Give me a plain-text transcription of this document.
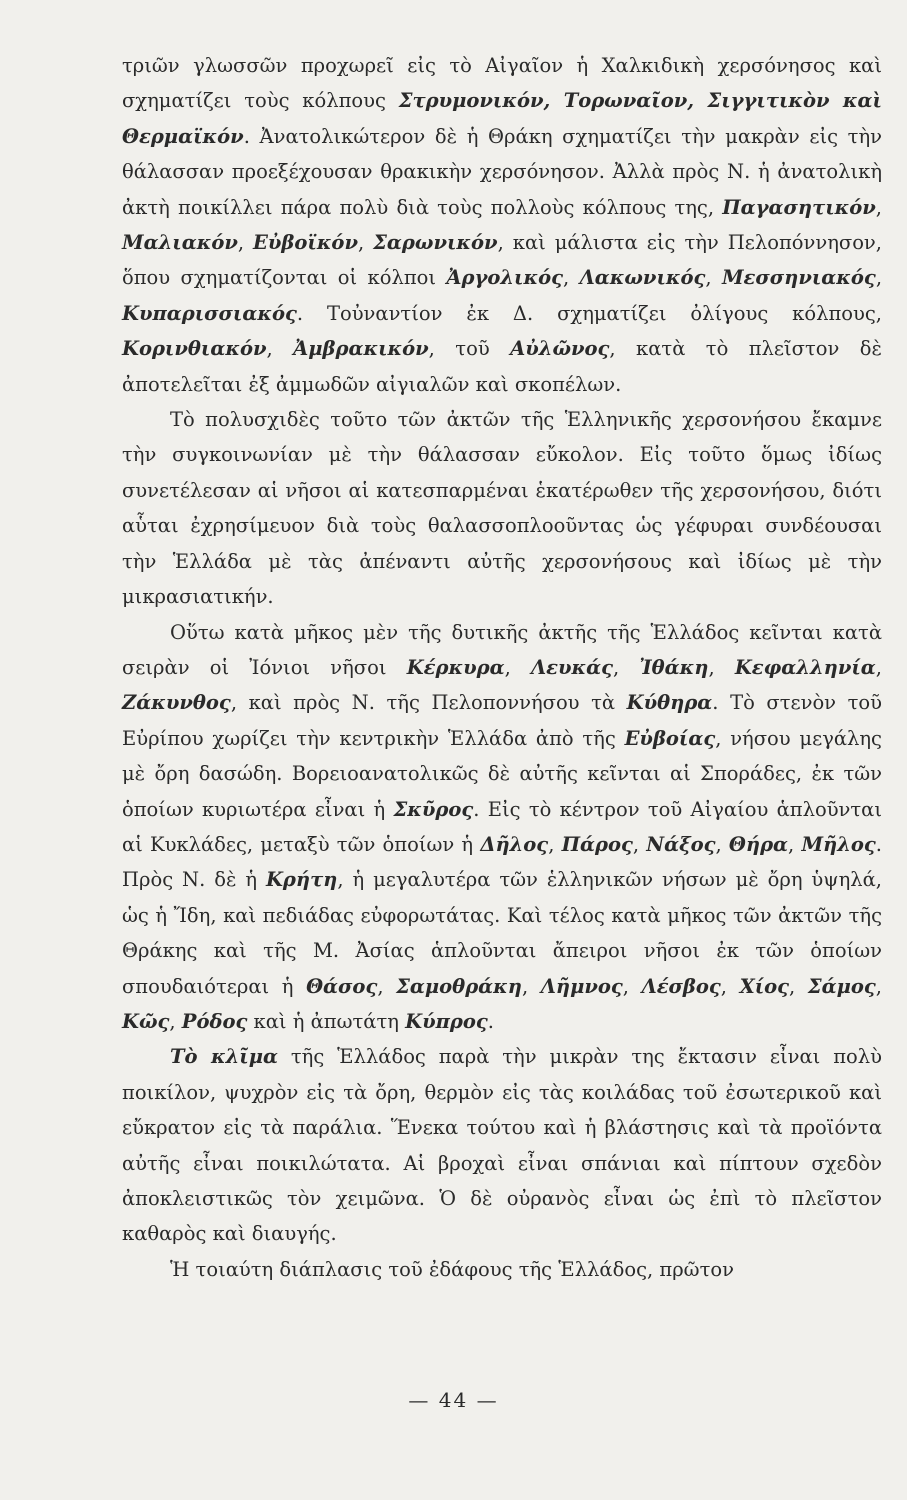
τριῶν γλωσσῶν προχωρεῖ εἰς τὸ Αἰγαῖον ἡ Χαλκιδικὴ χερσόνησος καὶ σχηματίζει τοὺς κόλπους Στρυμονικόν, Τορωναῖον, Σιγγιτικὸν καὶ Θερμαϊκόν. Ἀνατολικώτερον δὲ ἡ Θράκη σχηματίζει τὴν μακρὰν εἰς τὴν θάλασσαν προεξέχουσαν θρακικὴν χερσόνησον. Ἀλλὰ πρὸς Ν. ἡ ἀνατολικὴ ἀκτὴ ποικίλλει πάρα πολὺ διὰ τοὺς πολλοὺς κόλπους της, Παγασητικόν, Μαλιακόν, Εὐβοϊκόν, Σαρωνικόν, καὶ μάλιστα εἰς τὴν Πελοπόννησον, ὅπου σχηματίζονται οἱ κόλποι Ἀργολικός, Λακωνικός, Μεσσηνιακός, Κυπαρισσιακός. Τοὐναντίον ἐκ Δ. σχηματίζει ὀλίγους κόλπους, Κορινθιακόν, Ἀμβρακικόν, τοῦ Αὐλῶνος, κατὰ τὸ πλεῖστον δὲ ἀποτελεῖται ἐξ ἀμμωδῶν αἰγιαλῶν καὶ σκοπέλων.

Τὸ πολυσχιδὲς τοῦτο τῶν ἀκτῶν τῆς Ἑλληνικῆς χερσονήσου ἔκαμνε τὴν συγκοινωνίαν μὲ τὴν θάλασσαν εὔκολον. Εἰς τοῦτο ὅμως ἰδίως συνετέλεσαν αἱ νῆσοι αἱ κατεσπαρμέναι ἑκατέρωθεν τῆς χερσονήσου, διότι αὗται ἐχρησίμευον διὰ τοὺς θαλασσοπλοοῦντας ὡς γέφυραι συνδέουσαι τὴν Ἑλλάδα μὲ τὰς ἀπέναντι αὐτῆς χερσονήσους καὶ ἰδίως μὲ τὴν μικρασιατικήν.

Οὕτω κατὰ μῆκος μὲν τῆς δυτικῆς ἀκτῆς τῆς Ἑλλάδος κεῖνται κατὰ σειρὰν οἱ Ἰόνιοι νῆσοι Κέρκυρα, Λευκάς, Ἰθάκη, Κεφαλληνία, Ζάκυνθος, καὶ πρὸς Ν. τῆς Πελοποννήσου τὰ Κύθηρα. Τὸ στενὸν τοῦ Εὐρίπου χωρίζει τὴν κεντρικὴν Ἑλλάδα ἀπὸ τῆς Εὐβοίας, νήσου μεγάλης μὲ ὄρη δασώδη. Βορειοανατολικῶς δὲ αὐτῆς κεῖνται αἱ Σποράδες, ἐκ τῶν ὁποίων κυριωτέρα εἶναι ἡ Σκῦρος. Εἰς τὸ κέντρον τοῦ Αἰγαίου ἁπλοῦνται αἱ Κυκλάδες, μεταξὺ τῶν ὁποίων ἡ Δῆλος, Πάρος, Νάξος, Θήρα, Μῆλος. Πρὸς Ν. δὲ ἡ Κρήτη, ἡ μεγαλυτέρα τῶν ἑλληνικῶν νήσων μὲ ὄρη ὑψηλά, ὡς ἡ Ἴδη, καὶ πεδιάδας εὐφορωτάτας. Καὶ τέλος κατὰ μῆκος τῶν ἀκτῶν τῆς Θράκης καὶ τῆς Μ. Ἀσίας ἁπλοῦνται ἄπειροι νῆσοι ἐκ τῶν ὁποίων σπουδαιότεραι ἡ Θάσος, Σαμοθράκη, Λῆμνος, Λέσβος, Χίος, Σάμος, Κῶς, Ρόδος καὶ ἡ ἀπωτάτη Κύπρος.

Τὸ κλῖμα τῆς Ἑλλάδος παρὰ τὴν μικρὰν της ἔκτασιν εἶναι πολὺ ποικίλον, ψυχρὸν εἰς τὰ ὄρη, θερμὸν εἰς τὰς κοιλάδας τοῦ ἐσωτερικοῦ καὶ εὔκρατον εἰς τὰ παράλια. Ἕνεκα τούτου καὶ ἡ βλάστησις καὶ τὰ προϊόντα αὐτῆς εἶναι ποικιλώτατα. Αἱ βροχαὶ εἶναι σπάνιαι καὶ πίπτουν σχεδὸν ἀποκλειστικῶς τὸν χειμῶνα. Ὁ δὲ οὐρανὸς εἶναι ὡς ἐπὶ τὸ πλεῖστον καθαρὸς καὶ διαυγής.

Ἡ τοιαύτη διάπλασις τοῦ ἐδάφους τῆς Ἑλλάδος, πρῶτον

— 44 —
